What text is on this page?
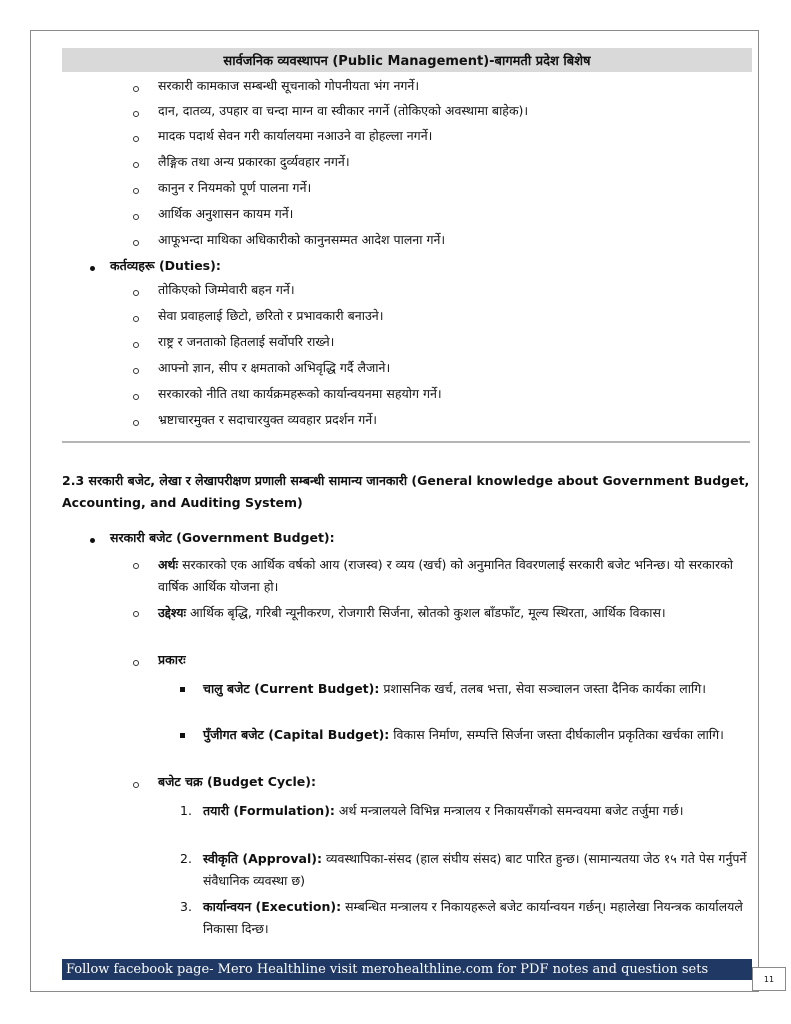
सार्वजनिक व्यवस्थापन (Public Management)-बागमती प्रदेश बिशेष
सरकारी कामकाज सम्बन्धी सूचनाको गोपनीयता भंग नगर्ने।
दान, दातव्य, उपहार वा चन्दा माग्न वा स्वीकार नगर्ने (तोकिएको अवस्थामा बाहेक)।
मादक पदार्थ सेवन गरी कार्यालयमा नआउने वा होहल्ला नगर्ने।
लैङ्गिक तथा अन्य प्रकारका दुर्व्यवहार नगर्ने।
कानुन र नियमको पूर्ण पालना गर्ने।
आर्थिक अनुशासन कायम गर्ने।
आफूभन्दा माथिका अधिकारीको कानुनसम्मत आदेश पालना गर्ने।
कर्तव्यहरू (Duties):
तोकिएको जिम्मेवारी बहन गर्ने।
सेवा प्रवाहलाई छिटो, छरितो र प्रभावकारी बनाउने।
राष्ट्र र जनताको हितलाई सर्वोपरि राख्ने।
आफ्नो ज्ञान, सीप र क्षमताको अभिवृद्धि गर्दै लैजाने।
सरकारको नीति तथा कार्यक्रमहरूको कार्यान्वयनमा सहयोग गर्ने।
भ्रष्टाचारमुक्त र सदाचारयुक्त व्यवहार प्रदर्शन गर्ने।
2.3 सरकारी बजेट, लेखा र लेखापरीक्षण प्रणाली सम्बन्धी सामान्य जानकारी (General knowledge about Government Budget, Accounting, and Auditing System)
सरकारी बजेट (Government Budget):
अर्थः सरकारको एक आर्थिक वर्षको आय (राजस्व) र व्यय (खर्च) को अनुमानित विवरणलाई सरकारी बजेट भनिन्छ। यो सरकारको वार्षिक आर्थिक योजना हो।
उद्देश्यः आर्थिक बृद्धि, गरिबी न्यूनीकरण, रोजगारी सिर्जना, स्रोतको कुशल बाँडफाँट, मूल्य स्थिरता, आर्थिक विकास।
प्रकारः
चालु बजेट (Current Budget): प्रशासनिक खर्च, तलब भत्ता, सेवा सञ्चालन जस्ता दैनिक कार्यका लागि।
पुँजीगत बजेट (Capital Budget): विकास निर्माण, सम्पत्ति सिर्जना जस्ता दीर्घकालीन प्रकृतिका खर्चका लागि।
बजेट चक्र (Budget Cycle):
1. तयारी (Formulation): अर्थ मन्त्रालयले विभिन्न मन्त्रालय र निकायसँगको समन्वयमा बजेट तर्जुमा गर्छ।
2. स्वीकृति (Approval): व्यवस्थापिका-संसद (हाल संघीय संसद) बाट पारित हुन्छ। (सामान्यतया जेठ १५ गते पेस गर्नुपर्ने संवैधानिक व्यवस्था छ)
3. कार्यान्वयन (Execution): सम्बन्धित मन्त्रालय र निकायहरूले बजेट कार्यान्वयन गर्छन्। महालेखा नियन्त्रक कार्यालयले निकासा दिन्छ।
Follow facebook page- Mero Healthline visit merohealthline.com for PDF notes and question sets
11
